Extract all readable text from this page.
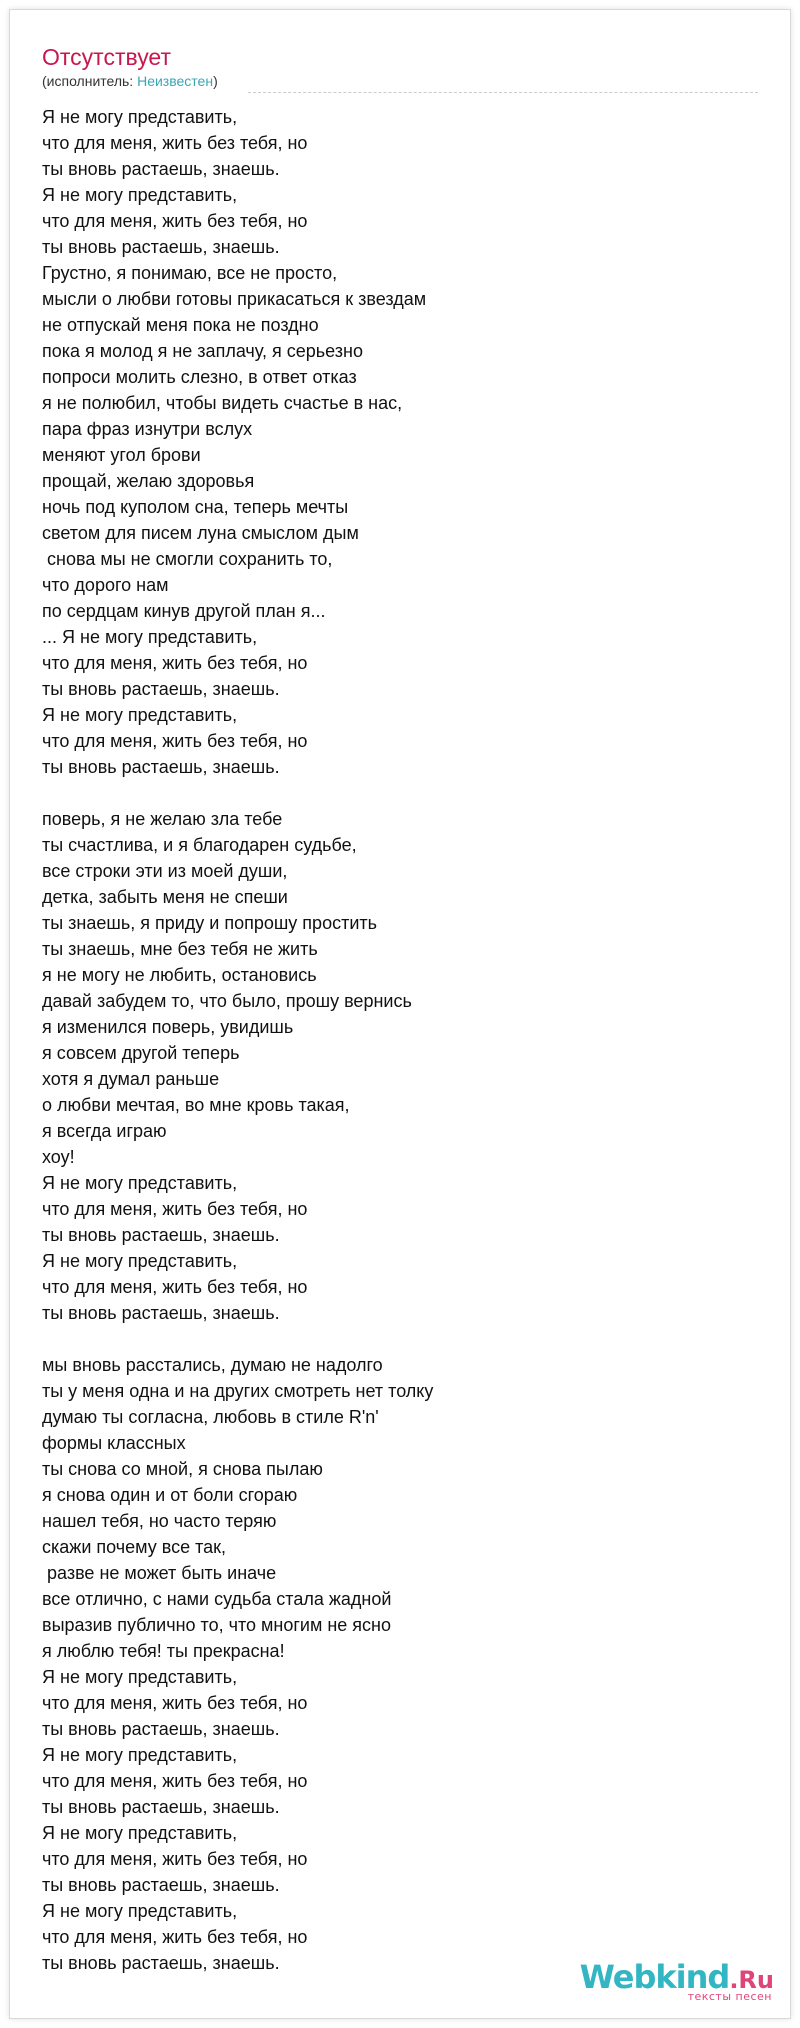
Отсутствует
(исполнитель: Неизвестен)
Я не могу представить,
что для меня, жить без тебя, но
ты вновь растаешь, знаешь.
Я не могу представить,
что для меня, жить без тебя, но
ты вновь растаешь, знаешь.
Грустно, я понимаю, все не просто,
мысли о любви готовы прикасаться к звездам
не отпускай меня пока не поздно
пока я молод я не заплачу, я серьезно
попроси молить слезно, в ответ отказ
я не полюбил, чтобы видеть счастье в нас,
пара фраз изнутри вслух
меняют угол брови
прощай, желаю здоровья
ночь под куполом сна, теперь мечты
светом для писем луна смыслом дым
снова мы не смогли сохранить то,
что дорого нам
по сердцам кинув другой план я...
... Я не могу представить,
что для меня, жить без тебя, но
ты вновь растаешь, знаешь.
Я не могу представить,
что для меня, жить без тебя, но
ты вновь растаешь, знаешь.
поверь, я не желаю зла тебе
ты счастлива, и я благодарен судьбе,
все строки эти из моей души,
детка, забыть меня не спеши
ты знаешь, я приду и попрошу простить
ты знаешь, мне без тебя не жить
я не могу не любить, остановись
давай забудем то, что было, прошу вернись
я изменился поверь, увидишь
я совсем другой теперь
хотя я думал раньше
о любви мечтая, во мне кровь такая,
я всегда играю
хоу!
Я не могу представить,
что для меня, жить без тебя, но
ты вновь растаешь, знаешь.
Я не могу представить,
что для меня, жить без тебя, но
ты вновь растаешь, знаешь.
мы вновь расстались, думаю не надолго
ты у меня одна и на других смотреть нет толку
думаю ты согласна, любовь в стиле R'n'
формы классных
ты снова со мной, я снова пылаю
я снова один и от боли сгораю
нашел тебя, но часто теряю
скажи почему все так,
разве не может быть иначе
все отлично, с нами судьба стала жадной
выразив публично то, что многим не ясно
я люблю тебя! ты прекрасна!
Я не могу представить,
что для меня, жить без тебя, но
ты вновь растаешь, знаешь.
Я не могу представить,
что для меня, жить без тебя, но
ты вновь растаешь, знаешь.
Я не могу представить,
что для меня, жить без тебя, но
ты вновь растаешь, знаешь.
Я не могу представить,
что для меня, жить без тебя, но
ты вновь растаешь, знаешь.	Webkind.Ru
тексты песен
